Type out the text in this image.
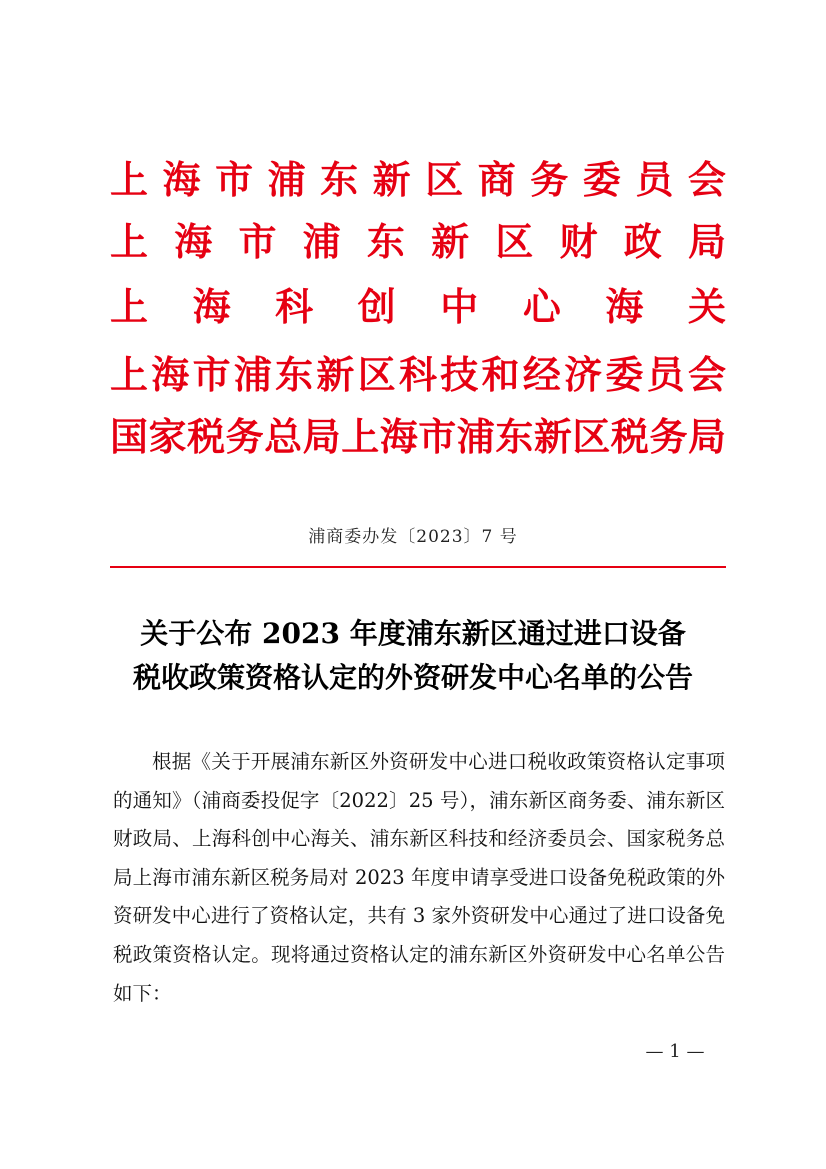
上 海 市 浦 东 新 区 商 务 委 员 会
上 海 市 浦 东 新 区 财 政 局
上 海 科 创 中 心 海 关
上 海 市 浦 东 新 区 科 技 和 经 济 委 员 会
国 家 税 务 总 局 上 海 市 浦 东 新 区 税 务 局
浦商委办发〔2023〕7 号
关于公布 2023 年度浦东新区通过进口设备
税收政策资格认定的外资研发中心名单的公告

根据《关于开展浦东新区外资研发中心进口税收政策资格认定事项的通知》（浦商委投促字〔2022〕25 号），浦东新区商务委、浦东新区财政局、上海科创中心海关、浦东新区科技和经济委员会、国家税务总局上海市浦东新区税务局对 2023 年度申请享受进口设备免税政策的外资研发中心进行了资格认定，共有 3 家外资研发中心通过了进口设备免税政策资格认定。现将通过资格认定的浦东新区外资研发中心名单公告如下：

— 1 —
